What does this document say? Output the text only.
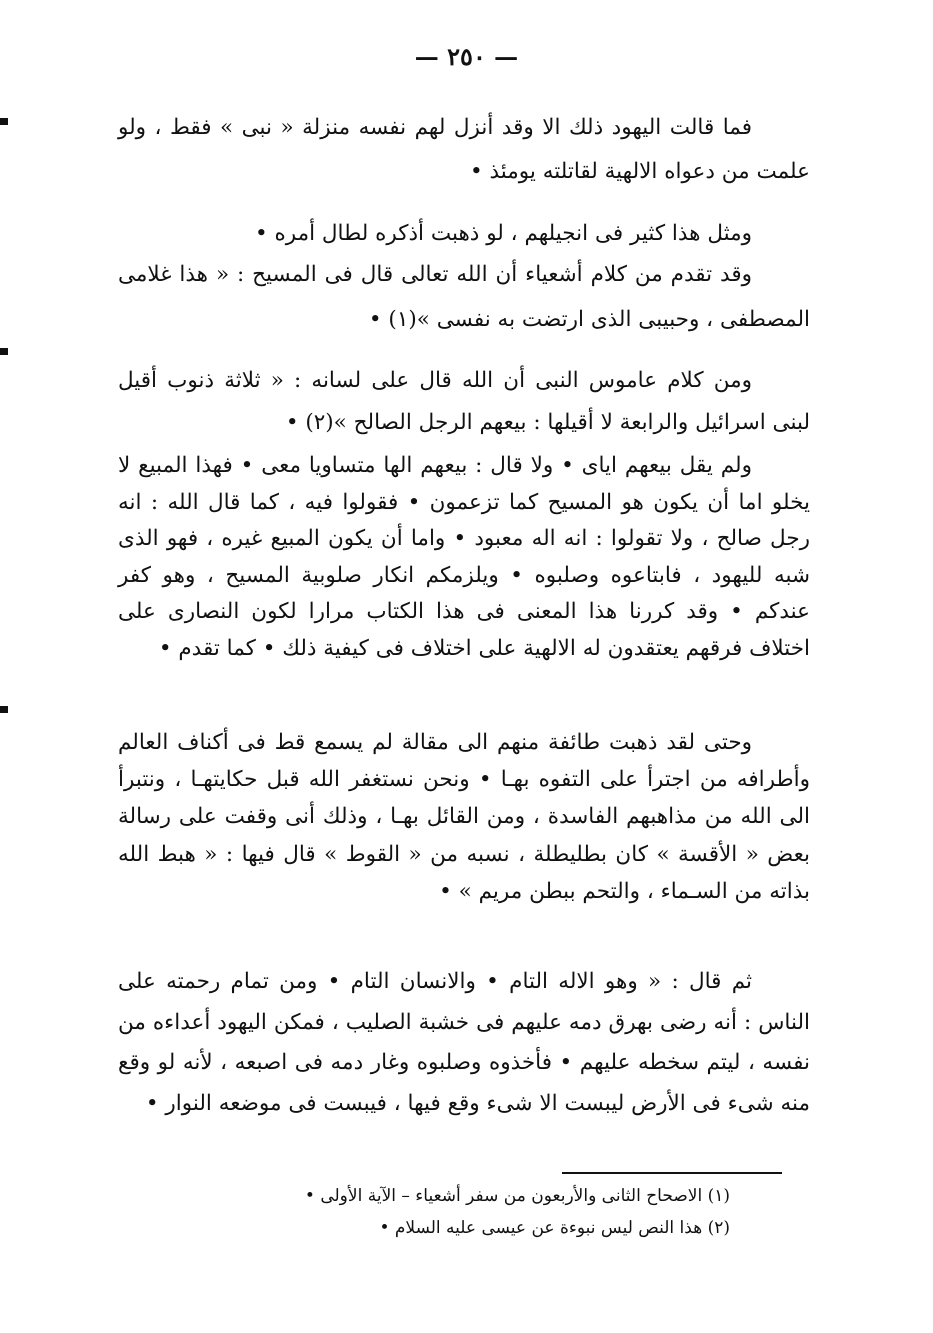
— ٢٥٠ —

فما قالت اليهود ذلك الا وقد أنزل لهم نفسه منزلة « نبى » فقط ، ولو علمت من دعواه الالهية لقاتلته يومئذ •

ومثل هذا كثير فى انجيلهم ، لو ذهبت أذكره لطال أمره •

وقد تقدم من كلام أشعياء أن الله تعالى قال فى المسيح : « هذا غلامى المصطفى ، وحبيبى الذى ارتضت به نفسى »(١) •

ومن كلام عاموس النبى أن الله قال على لسانه : « ثلاثة ذنوب أقيل لبنى اسرائيل والرابعة لا أقيلها : بيعهم الرجل الصالح »(٢) •

ولم يقل بيعهم اياى • ولا قال : بيعهم الها متساويا معى • فهذا المبيع لا يخلو اما أن يكون هو المسيح كما تزعمون • فقولوا فيه ، كما قال الله : انه رجل صالح ، ولا تقولوا : انه اله معبود • واما أن يكون المبيع غيره ، فهو الذى شبه لليهود ، فابتاعوه وصلبوه • ويلزمكم انكار صلوبية المسيح ، وهو كفر عندكم • وقد كررنا هذا المعنى فى هذا الكتاب مرارا لكون النصارى على اختلاف فرقهم يعتقدون له الالهية على اختلاف فى كيفية ذلك • كما تقدم •

وحتى لقد ذهبت طائفة منهم الى مقالة لم يسمع قط فى أكناف العالم وأطرافه من اجترأ على التفوه بهـا • ونحن نستغفر الله قبل حكايتهـا ، ونتبرأ الى الله من مذاهبهم الفاسدة ، ومن القائل بهـا ، وذلك أنى وقفت على رسالة بعض « الأقسة » كان بطليطلة ، نسبه من « القوط » قال فيها : « هبط الله بذاته من السـماء ، والتحم ببطن مريم » •

ثم قال : « وهو الاله التام • والانسان التام • ومن تمام رحمته على الناس : أنه رضى بهرق دمه عليهم فى خشبة الصليب ، فمكن اليهود أعداءه من نفسه ، ليتم سخطه عليهم • فأخذوه وصلبوه وغار دمه فى اصبعه ، لأنه لو وقع منه شىء فى الأرض ليبست الا شىء وقع فيها ، فيبست فى موضعه النوار •

(١) الاصحاح الثانى والأربعون من سفر أشعياء – الآية الأولى •
(٢) هذا النص ليس نبوءة عن عيسى عليه السلام •
